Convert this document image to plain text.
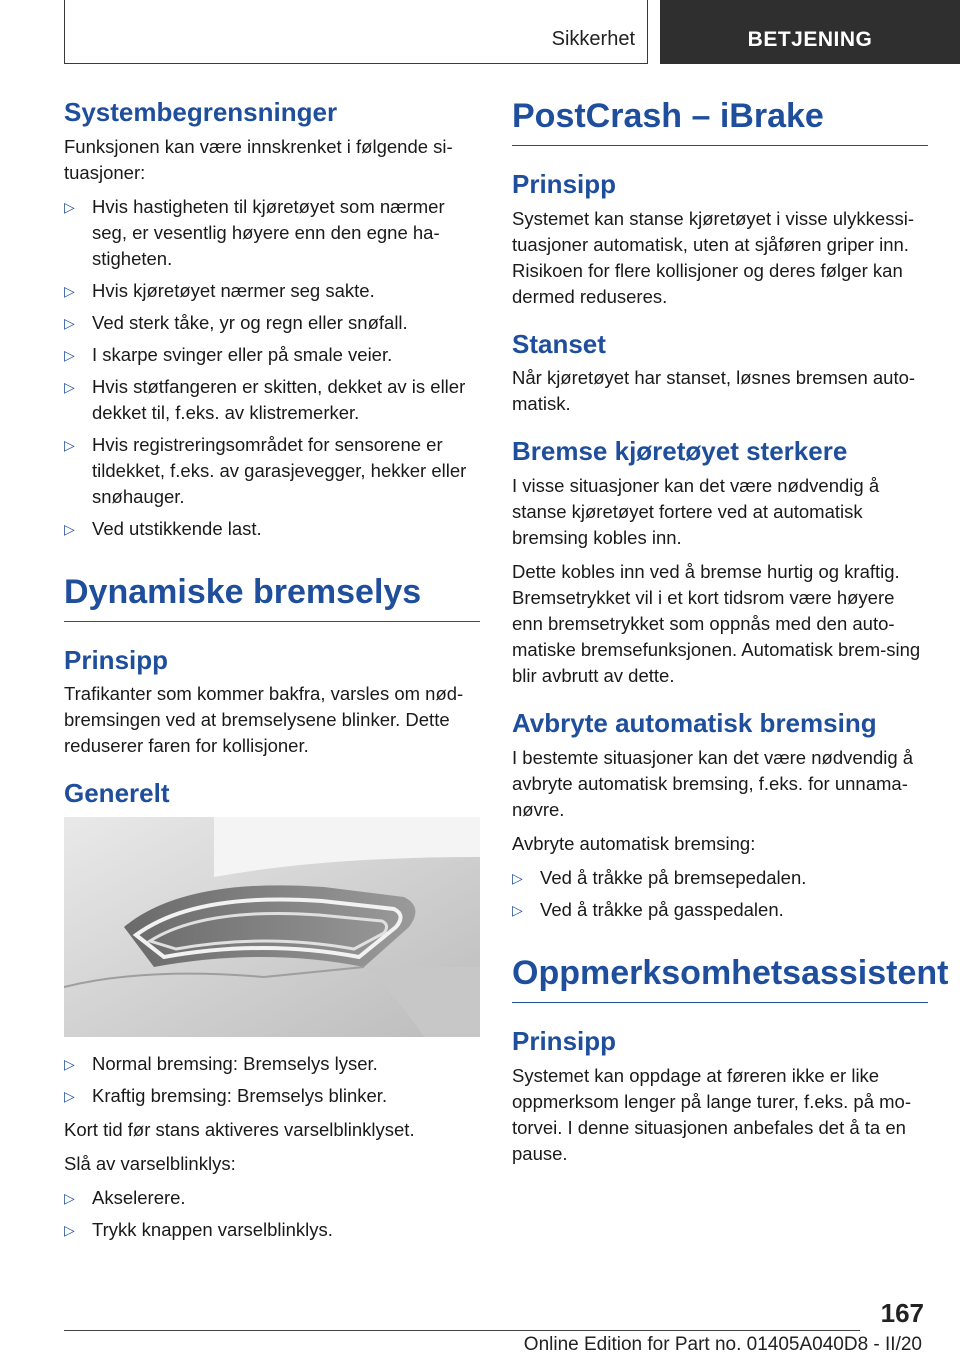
Sikkerhet	BETJENING
Systembegrensninger

Funksjonen kan være innskrenket i følgende si-tuasjoner:

▷ Hvis hastigheten til kjøretøyet som nærmer seg, er vesentlig høyere enn den egne ha-stigheten.
▷ Hvis kjøretøyet nærmer seg sakte.
▷ Ved sterk tåke, yr og regn eller snøfall.
▷ I skarpe svinger eller på smale veier.
▷ Hvis støtfangeren er skitten, dekket av is eller dekket til, f.eks. av klistremerker.
▷ Hvis registreringsområdet for sensorene er tildekket, f.eks. av garasjevegger, hekker eller snøhauger.
▷ Ved utstikkende last.
Dynamiske bremselys
Prinsipp

Trafikanter som kommer bakfra, varsles om nød-bremsingen ved at bremselysene blinker. Dette reduserer faren for kollisjoner.

Generelt
▷ Normal bremsing: Bremselys lyser.
▷ Kraftig bremsing: Bremselys blinker.

Kort tid før stans aktiveres varselblinklyset.

Slå av varselblinklys:

▷ Akselerere.
▷ Trykk knappen varselblinklys.
PostCrash – iBrake
Prinsipp

Systemet kan stanse kjøretøyet i visse ulykkessi-tuasjoner automatisk, uten at sjåføren griper inn. Risikoen for flere kollisjoner og deres følger kan dermed reduseres.

Stanset

Når kjøretøyet har stanset, løsnes bremsen auto-matisk.

Bremse kjøretøyet sterkere

I visse situasjoner kan det være nødvendig å stanse kjøretøyet fortere ved at automatisk bremsing kobles inn.

Dette kobles inn ved å bremse hurtig og kraftig. Bremsetrykket vil i et kort tidsrom være høyere enn bremsetrykket som oppnås med den auto-matiske bremsefunksjonen. Automatisk brem-sing blir avbrutt av dette.

Avbryte automatisk bremsing

I bestemte situasjoner kan det være nødvendig å avbryte automatisk bremsing, f.eks. for unnama-nøvre.

Avbryte automatisk bremsing:

▷ Ved å tråkke på bremsepedalen.
▷ Ved å tråkke på gasspedalen.
Oppmerksomhetsassistent
Prinsipp

Systemet kan oppdage at føreren ikke er like oppmerksom lenger på lange turer, f.eks. på mo-torvei. I denne situasjonen anbefales det å ta en pause.

167
Online Edition for Part no. 01405A040D8 - II/20
